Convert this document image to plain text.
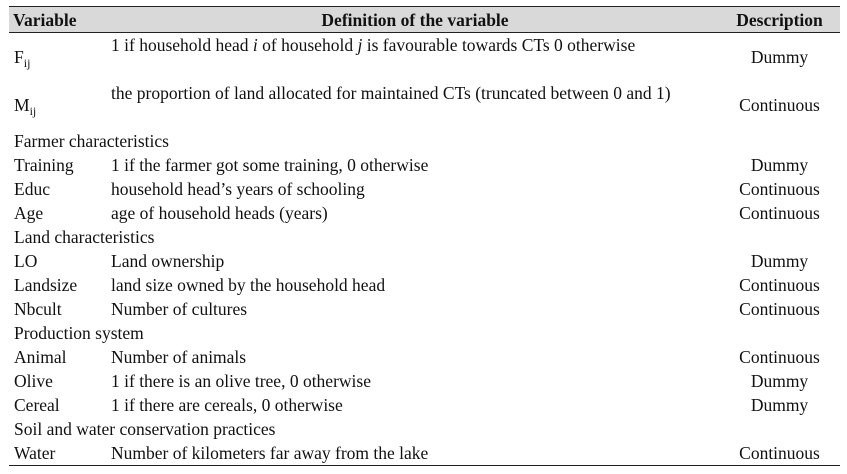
Variable	Definition of the variable	Description
$F_{ij}$	1 if household head i of household j is favourable towards CTs 0 otherwise	Dummy
$M_{ij}$	the proportion of land allocated for maintained CTs (truncated between 0 and 1)	Continuous
Farmer characteristics		
Training	1 if the farmer got some training, 0 otherwise	Dummy
Educ	household head’s years of schooling	Continuous
Age	age of household heads (years)	Continuous
Land characteristics		
LO	Land ownership	Dummy
Landsize	land size owned by the household head	Continuous
Nbcult	Number of cultures	Continuous
Production system		
Animal	Number of animals	Continuous
Olive	1 if there is an olive tree, 0 otherwise	Dummy
Cereal	1 if there are cereals, 0 otherwise	Dummy
Soil and water conservation practices		
Water	Number of kilometers far away from the lake	Continuous
